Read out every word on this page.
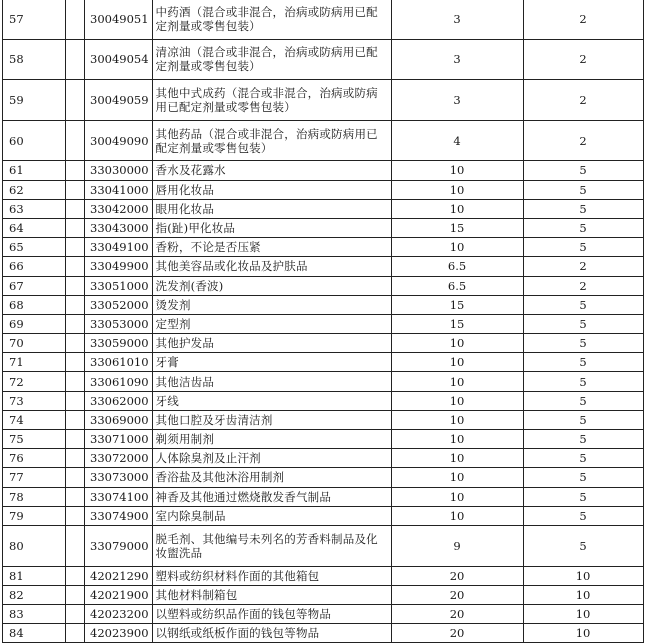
57		30049051	中药酒（混合或非混合，治病或防病用已配定剂量或零售包装）	3	2
58		30049054	清凉油（混合或非混合，治病或防病用已配定剂量或零售包装）	3	2
59		30049059	其他中式成药（混合或非混合，治病或防病用已配定剂量或零售包装）	3	2
60		30049090	其他药品（混合或非混合，治病或防病用已配定剂量或零售包装）	4	2
61		33030000	香水及花露水	10	5
62		33041000	唇用化妆品	10	5
63		33042000	眼用化妆品	10	5
64		33043000	指(趾)甲化妆品	15	5
65		33049100	香粉，不论是否压紧	10	5
66		33049900	其他美容品或化妆品及护肤品	6.5	2
67		33051000	洗发剂(香波)	6.5	2
68		33052000	烫发剂	15	5
69		33053000	定型剂	15	5
70		33059000	其他护发品	10	5
71		33061010	牙膏	10	5
72		33061090	其他洁齿品	10	5
73		33062000	牙线	10	5
74		33069000	其他口腔及牙齿清洁剂	10	5
75		33071000	剃须用制剂	10	5
76		33072000	人体除臭剂及止汗剂	10	5
77		33073000	香浴盐及其他沐浴用制剂	10	5
78		33074100	神香及其他通过燃烧散发香气制品	10	5
79		33074900	室内除臭制品	10	5
80		33079000	脱毛剂、其他编号未列名的芳香料制品及化妆盥洗品	9	5
81		42021290	塑料或纺织材料作面的其他箱包	20	10
82		42021900	其他材料制箱包	20	10
83		42023200	以塑料或纺织品作面的钱包等物品	20	10
84		42023900	以钢纸或纸板作面的钱包等物品	20	10
